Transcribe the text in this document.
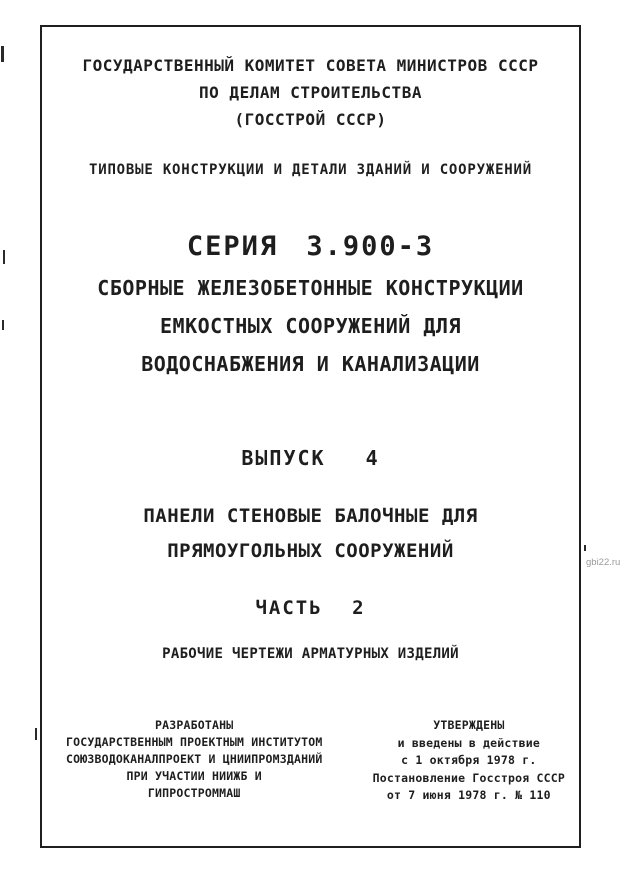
ГОСУДАРСТВЕННЫЙ КОМИТЕТ СОВЕТА МИНИСТРОВ СССР
ПО ДЕЛАМ СТРОИТЕЛЬСТВА
(ГОССТРОЙ СССР)
ТИПОВЫЕ КОНСТРУКЦИИ И ДЕТАЛИ ЗДАНИЙ И СООРУЖЕНИЙ
СЕРИЯ 3.900-3
СБОРНЫЕ ЖЕЛЕЗОБЕТОННЫЕ КОНСТРУКЦИИ
ЕМКОСТНЫХ СООРУЖЕНИЙ ДЛЯ
ВОДОСНАБЖЕНИЯ И КАНАЛИЗАЦИИ
ВЫПУСК 4
ПАНЕЛИ СТЕНОВЫЕ БАЛОЧНЫЕ ДЛЯ
ПРЯМОУГОЛЬНЫХ СООРУЖЕНИЙ
ЧАСТЬ 2
РАБОЧИЕ ЧЕРТЕЖИ АРМАТУРНЫХ ИЗДЕЛИЙ
РАЗРАБОТАНЫ
ГОСУДАРСТВЕННЫМ ПРОЕКТНЫМ ИНСТИТУТОМ
СОЮЗВОДОКАНАЛПРОЕКТ И ЦНИИПРОМЗДАНИЙ
ПРИ УЧАСТИИ НИИЖБ И
ГИПРОСТРОММАШ
УТВЕРЖДЕНЫ
и введены в действие
с 1 октября 1978 г.
Постановление Госстроя СССР
от 7 июня 1978 г. № 110
gbi22.ru
